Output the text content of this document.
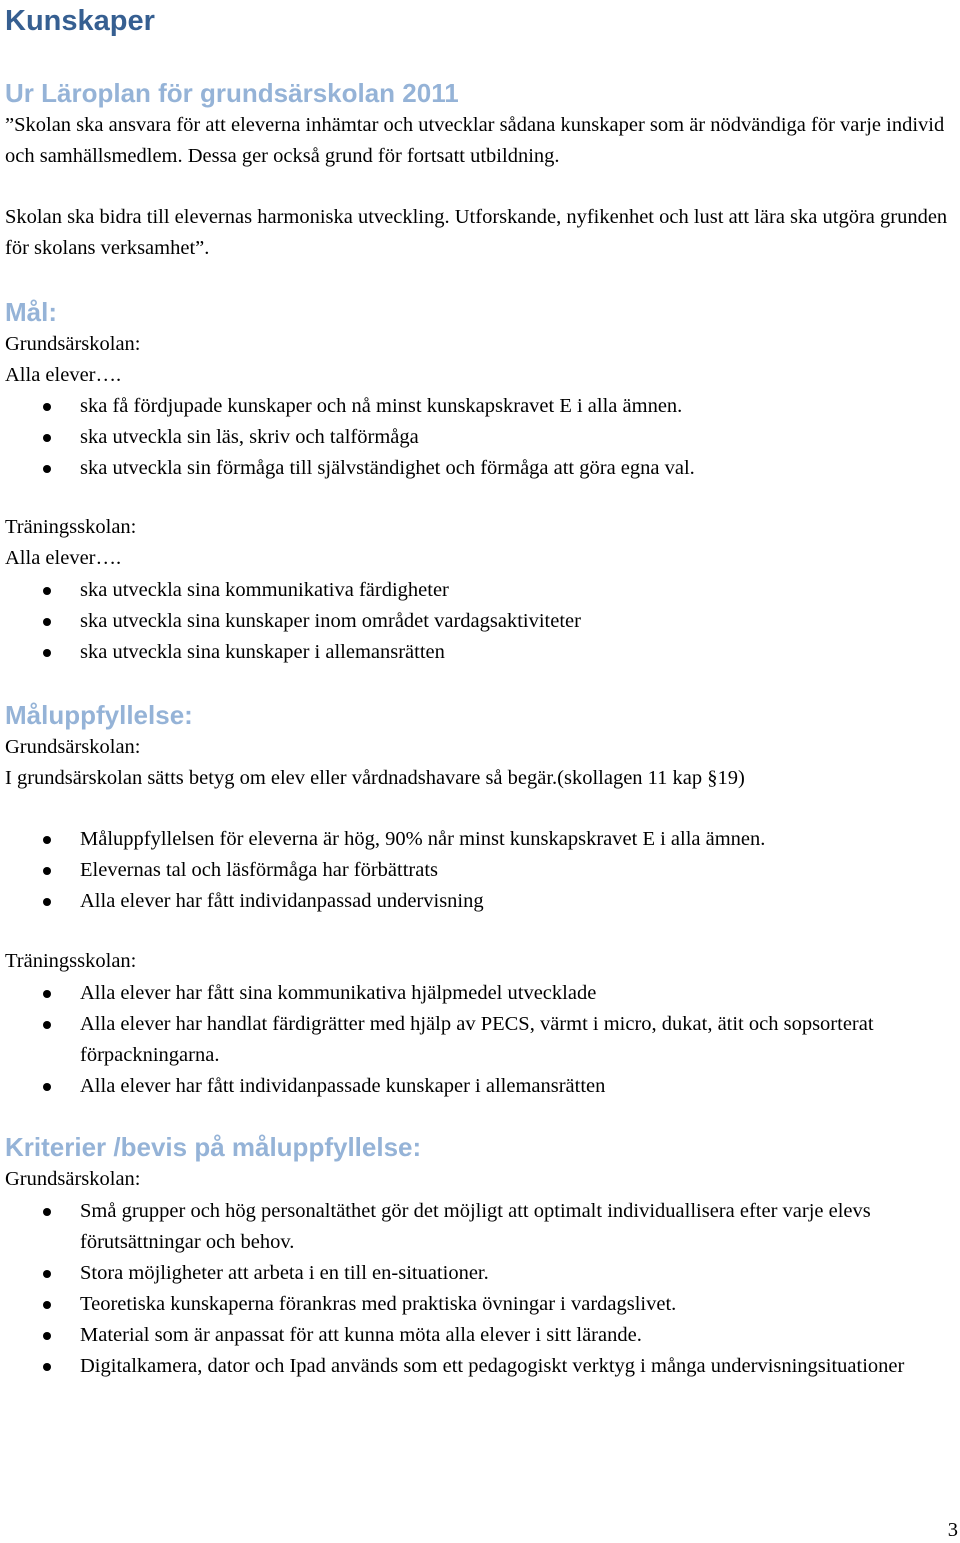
Kunskaper
Ur Läroplan för grundsärskolan 2011

”Skolan ska ansvara för att eleverna inhämtar och utvecklar sådana kunskaper som är nödvändiga för varje individ och samhällsmedlem. Dessa ger också grund för fortsatt utbildning.

Skolan ska bidra till elevernas harmoniska utveckling. Utforskande, nyfikenhet och lust att lära ska utgöra grunden för skolans verksamhet”.

Mål:

Grundsärskolan:

Alla elever….

ska få fördjupade kunskaper och nå minst kunskapskravet E i alla ämnen.
ska utveckla sin läs, skriv och talförmåga
ska utveckla sin förmåga till självständighet och förmåga att göra egna val.

Träningsskolan:

Alla elever….

ska utveckla sina kommunikativa färdigheter
ska utveckla sina kunskaper inom området vardagsaktiviteter
ska utveckla sina kunskaper i allemansrätten
Måluppfyllelse:

Grundsärskolan:

I grundsärskolan sätts betyg om elev eller vårdnadshavare så begär.(skollagen 11 kap §19)

Måluppfyllelsen för eleverna är hög, 90% når minst kunskapskravet E i alla ämnen.
Elevernas tal och läsförmåga har förbättrats
Alla elever har fått individanpassad undervisning

Träningsskolan:

Alla elever har fått sina kommunikativa hjälpmedel utvecklade
Alla elever har handlat färdigrätter med hjälp av PECS, värmt i micro, dukat, ätit och sopsorterat förpackningarna.
Alla elever har fått individanpassade kunskaper i allemansrätten
Kriterier /bevis på måluppfyllelse:

Grundsärskolan:

Små grupper och hög personaltäthet gör det möjligt att optimalt individuallisera efter varje elevs förutsättningar och behov.
Stora möjligheter att arbeta i en till en-situationer.
Teoretiska kunskaperna förankras med praktiska övningar i vardagslivet.
Material som är anpassat för att kunna möta alla elever i sitt lärande.
Digitalkamera, dator och Ipad används som ett pedagogiskt verktyg i många undervisningsituationer
3
